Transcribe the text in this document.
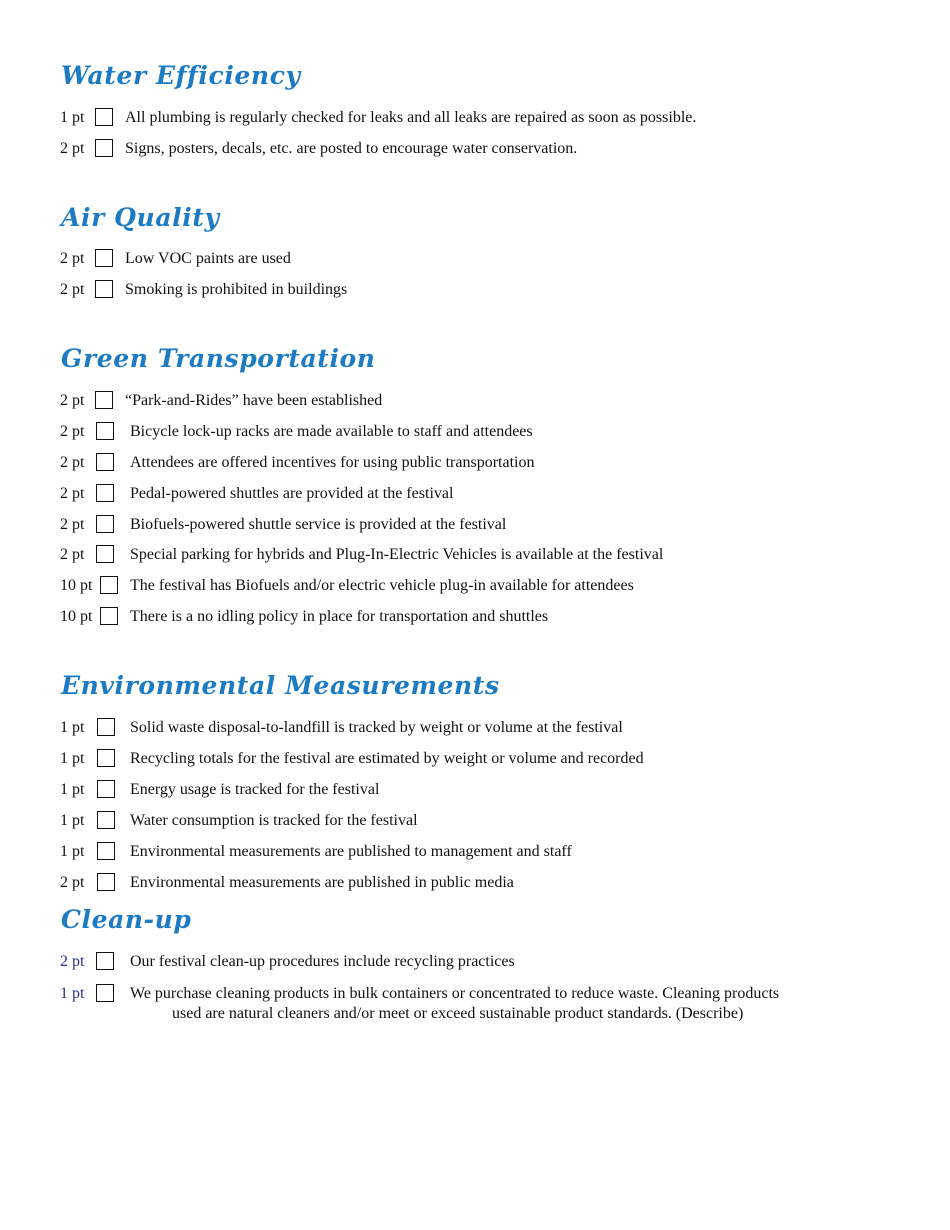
Water Efficiency
1 pt	All plumbing is regularly checked for leaks and all leaks are repaired as soon as possible.
2 pt	Signs, posters, decals, etc. are posted to encourage water conservation.
Air Quality
2 pt	Low VOC paints are used
2 pt	Smoking is prohibited in buildings
Green Transportation
2 pt	“Park-and-Rides” have been established
2 pt	Bicycle lock-up racks are made available to staff and attendees
2 pt	Attendees are offered incentives for using public transportation
2 pt	Pedal-powered shuttles are provided at the festival
2 pt	Biofuels-powered shuttle service is provided at the festival
2 pt	Special parking for hybrids and Plug-In-Electric Vehicles is available at the festival
10 pt The festival has Biofuels and/or electric vehicle plug-in available for attendees
10 pt There is a no idling policy in place for transportation and shuttles
Environmental Measurements
1 pt	Solid waste disposal-to-landfill is tracked by weight or volume at the festival
1 pt	Recycling totals for the festival are estimated by weight or volume and recorded
1 pt	Energy usage is tracked for the festival
1 pt	Water consumption is tracked for the festival
1 pt	Environmental measurements are published to management and staff
2 pt	Environmental measurements are published in public media
Clean-up
2 pt	Our festival clean-up procedures include recycling practices
1 pt	We purchase cleaning products in bulk containers or concentrated to reduce waste. Cleaning products
used are natural cleaners and/or meet or exceed sustainable product standards. (Describe)
